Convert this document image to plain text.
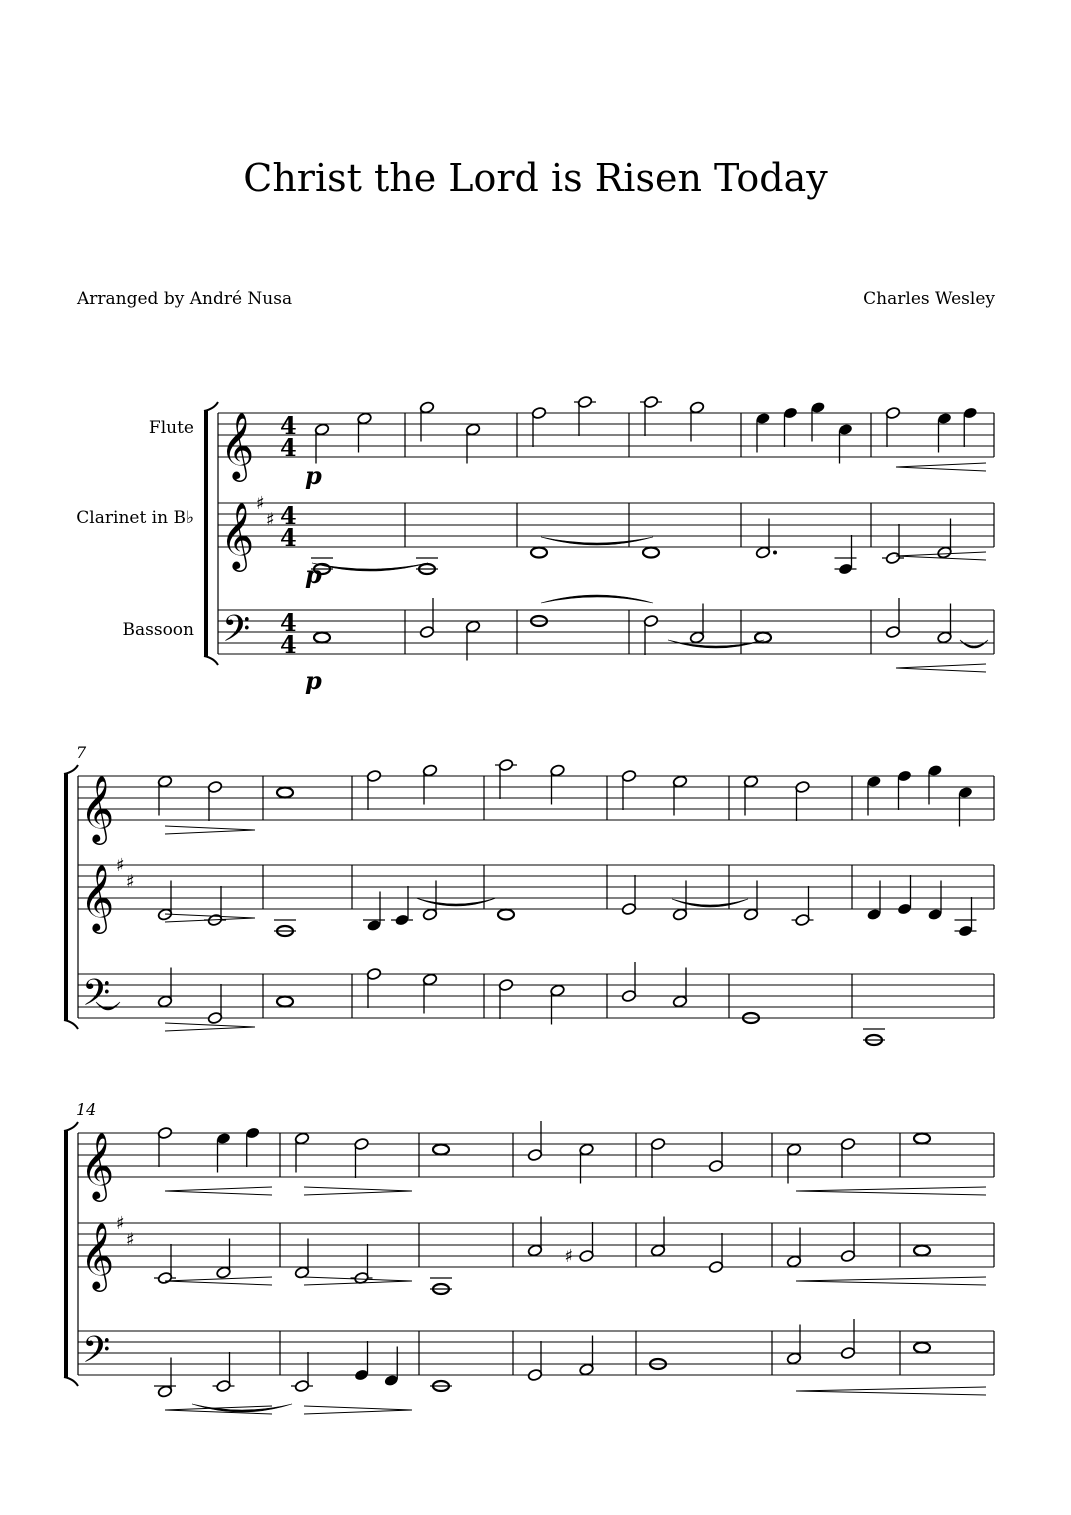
Christ the Lord is Risen Today
Arranged by André Nusa	Charles Wesley
Flute
Clarinet in B♭
Bassoon
𝄞 4
4
𝄞 ♯
♯ 4
4
𝄢 4
4
7
𝄞
𝄞 ♯
♯
𝄢
14
𝄞
𝄞 ♯
♯
𝄢
♯
p
p
p
